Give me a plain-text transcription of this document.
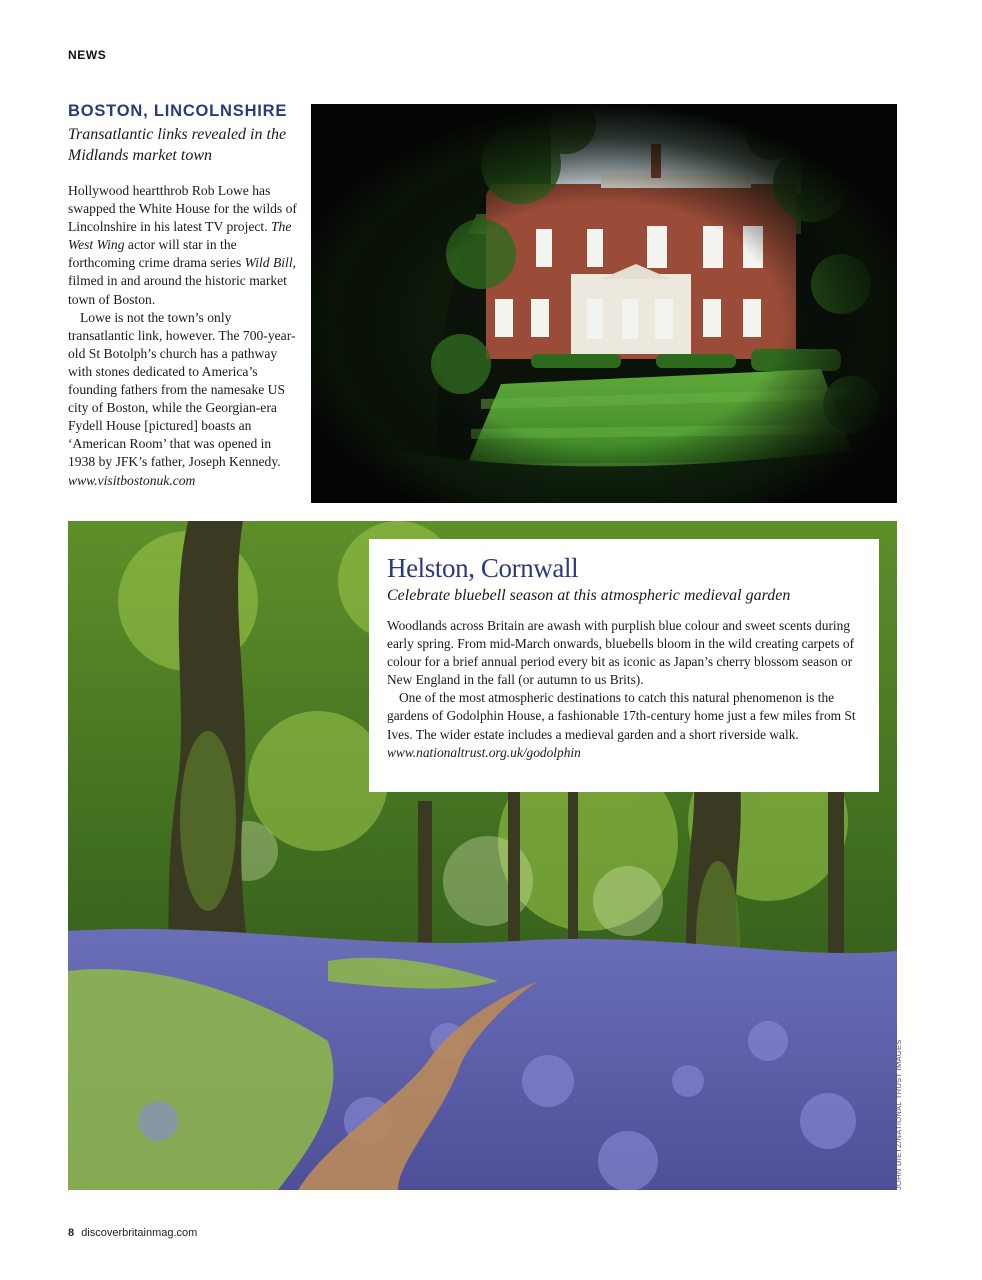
NEWS
BOSTON, LINCOLNSHIRE
Transatlantic links revealed in the Midlands market town

Hollywood heartthrob Rob Lowe has swapped the White House for the wilds of Lincolnshire in his latest TV project. The West Wing actor will star in the forthcoming crime drama series Wild Bill, filmed in and around the historic market town of Boston.

Lowe is not the town’s only transatlantic link, however. The 700-year-old St Botolph’s church has a pathway with stones dedicated to America’s founding fathers from the namesake US city of Boston, while the Georgian-era Fydell House [pictured] boasts an ‘American Room’ that was opened in 1938 by JFK’s father, Joseph Kennedy.

www.visitbostonuk.com
Helston, Cornwall
Celebrate bluebell season at this atmospheric medieval garden

Woodlands across Britain are awash with purplish blue colour and sweet scents during early spring. From mid-March onwards, bluebells bloom in the wild creating carpets of colour for a brief annual period every bit as iconic as Japan’s cherry blossom season or New England in the fall (or autumn to us Brits).

One of the most atmospheric destinations to catch this natural phenomenon is the gardens of Godolphin House, a fashionable 17th-century home just a few miles from St Ives. The wider estate includes a medieval garden and a short riverside walk.

www.nationaltrust.org.uk/godolphin
JOHN DIETZ/NATIONAL TRUST IMAGES
8 discoverbritainmag.com
